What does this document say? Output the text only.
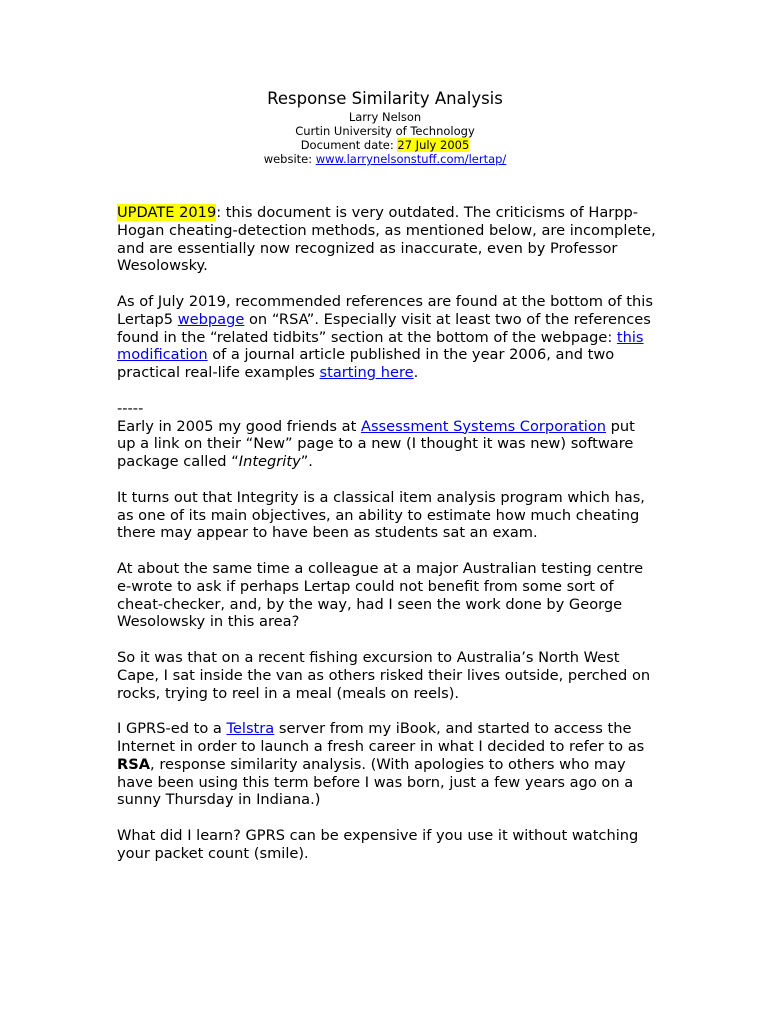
Response Similarity Analysis

Larry Nelson

Curtin University of Technology

Document date: 27 July 2005

website: www.larrynelsonstuff.com/lertap/

UPDATE 2019: this document is very outdated. The criticisms of Harpp-Hogan cheating-detection methods, as mentioned below, are incomplete, and are essentially now recognized as inaccurate, even by Professor Wesolowsky.

As of July 2019, recommended references are found at the bottom of this Lertap5 webpage on “RSA”. Especially visit at least two of the references found in the “related tidbits” section at the bottom of the webpage: this modification of a journal article published in the year 2006, and two practical real-life examples starting here.

-----

Early in 2005 my good friends at Assessment Systems Corporation put up a link on their “New” page to a new (I thought it was new) software package called “Integrity”.

It turns out that Integrity is a classical item analysis program which has, as one of its main objectives, an ability to estimate how much cheating there may appear to have been as students sat an exam.

At about the same time a colleague at a major Australian testing centre e-wrote to ask if perhaps Lertap could not benefit from some sort of cheat-checker, and, by the way, had I seen the work done by George Wesolowsky in this area?

So it was that on a recent fishing excursion to Australia’s North West Cape, I sat inside the van as others risked their lives outside, perched on rocks, trying to reel in a meal (meals on reels).

I GPRS-ed to a Telstra server from my iBook, and started to access the Internet in order to launch a fresh career in what I decided to refer to as RSA, response similarity analysis. (With apologies to others who may have been using this term before I was born, just a few years ago on a sunny Thursday in Indiana.)

What did I learn? GPRS can be expensive if you use it without watching your packet count (smile).
